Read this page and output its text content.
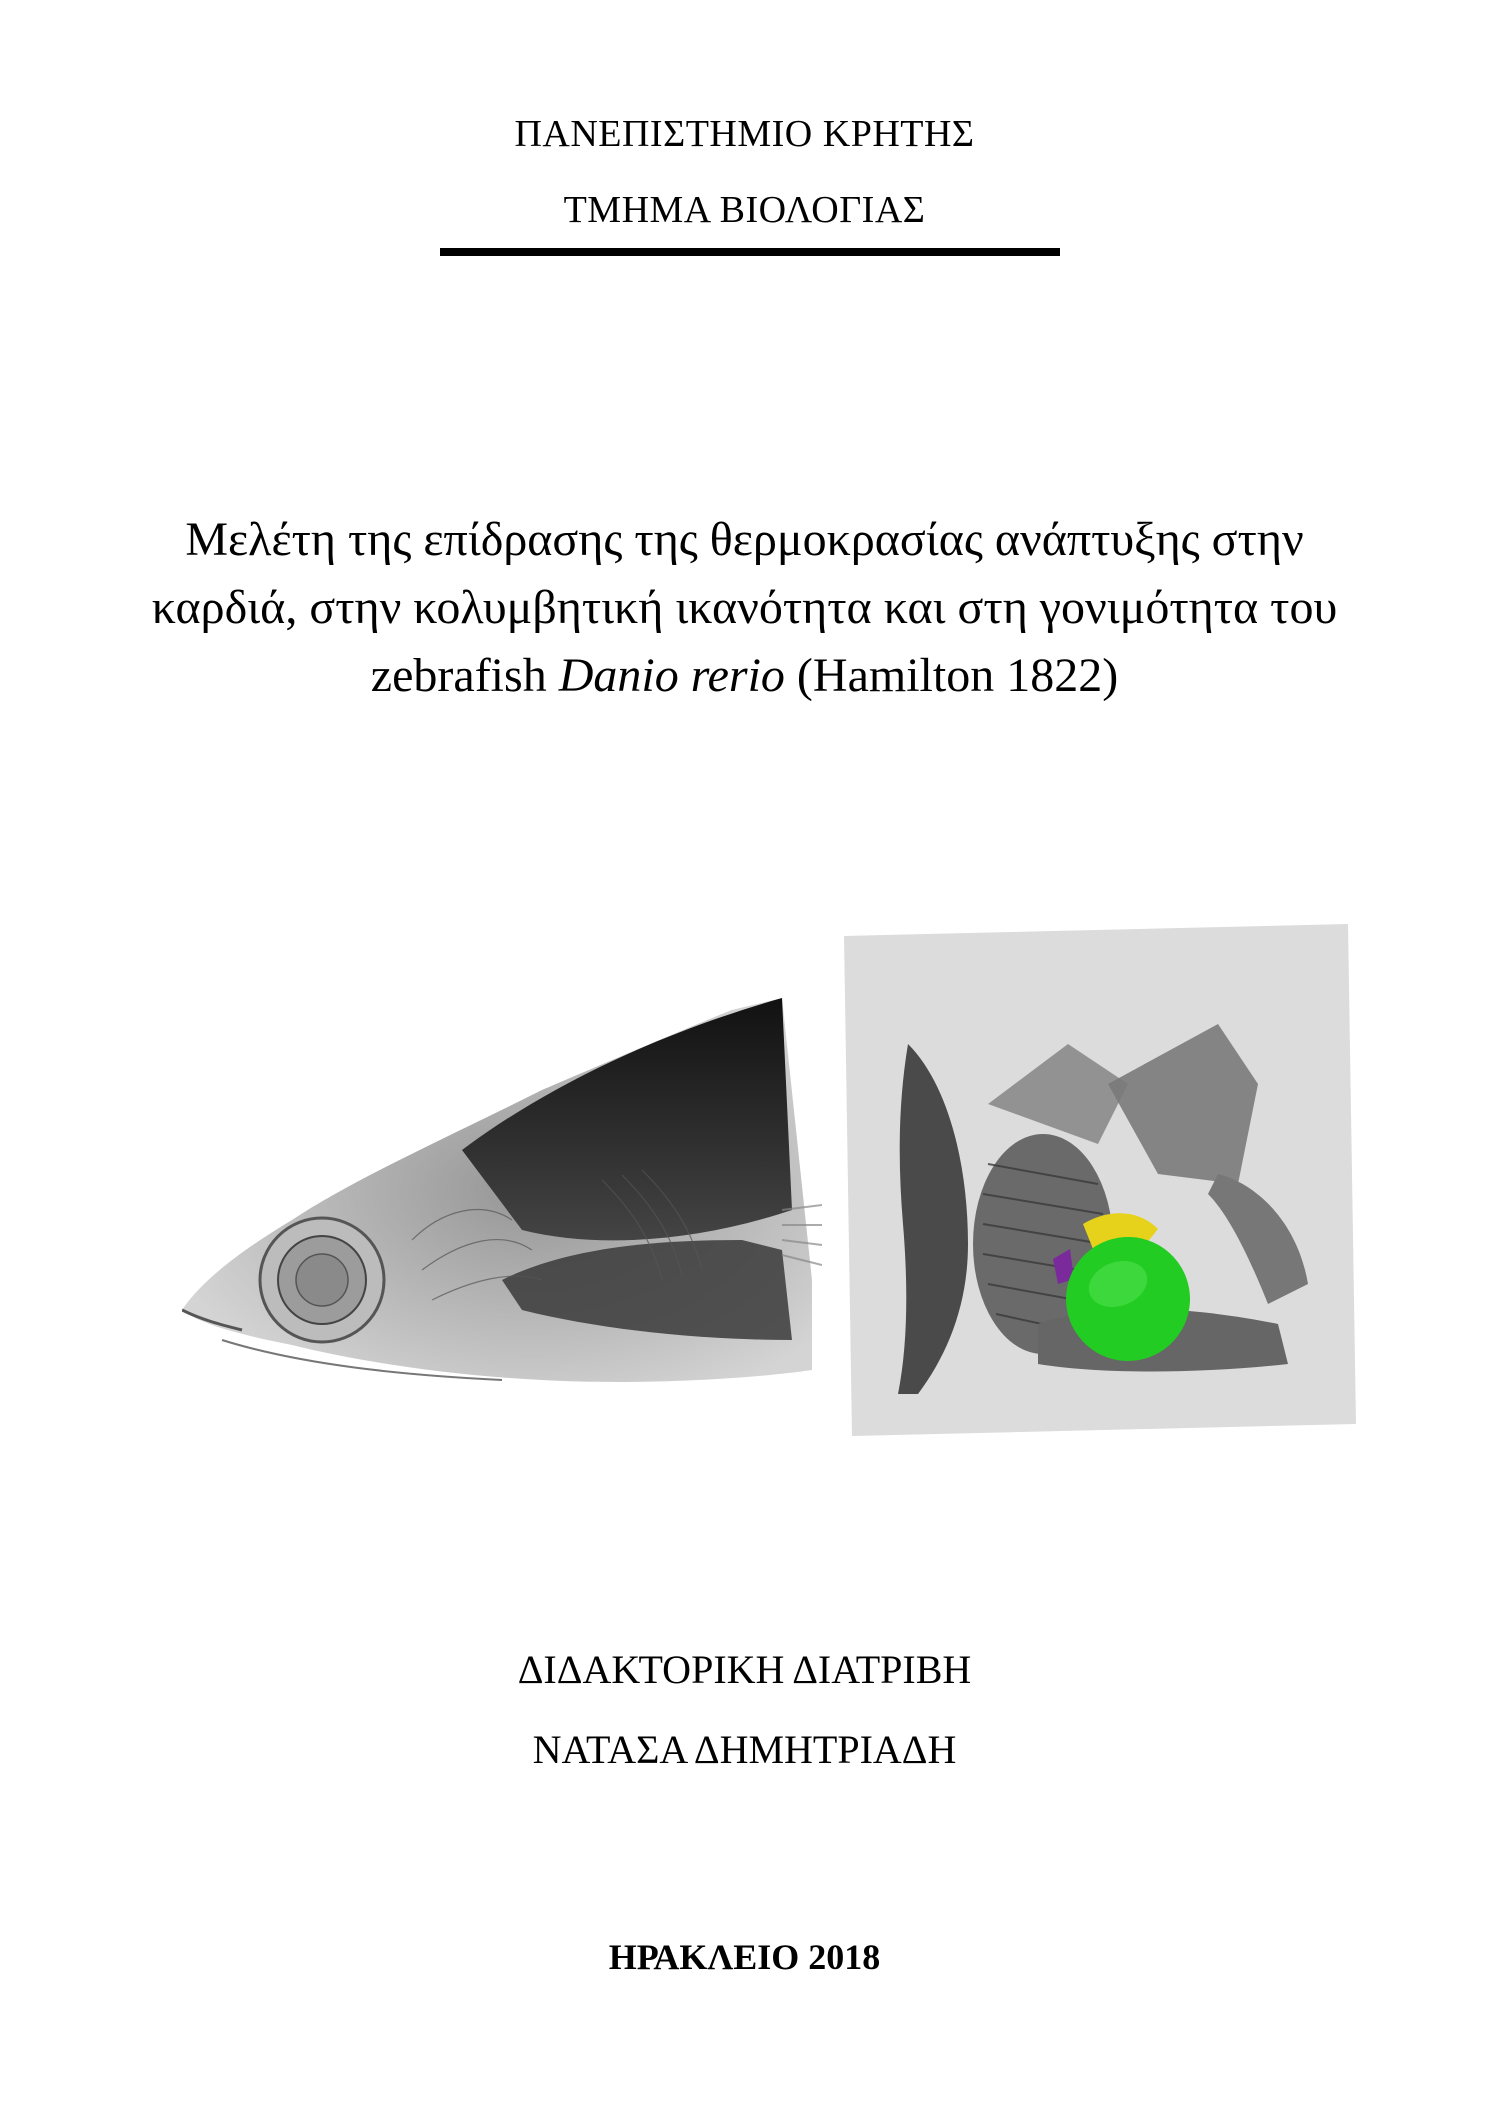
ΠΑΝΕΠΙΣΤΗΜΙΟ ΚΡΗΤΗΣ
ΤΜΗΜΑ ΒΙΟΛΟΓΙΑΣ
Μελέτη της επίδρασης της θερμοκρασίας ανάπτυξης στην
καρδιά, στην κολυμβητική ικανότητα και στη γονιμότητα του
zebrafish Danio rerio (Hamilton 1822)
ΔΙΔΑΚΤΟΡΙΚΗ ΔΙΑΤΡΙΒΗ
ΝΑΤΑΣΑ ΔΗΜΗΤΡΙΑΔΗ
ΗΡΑΚΛΕΙΟ 2018
